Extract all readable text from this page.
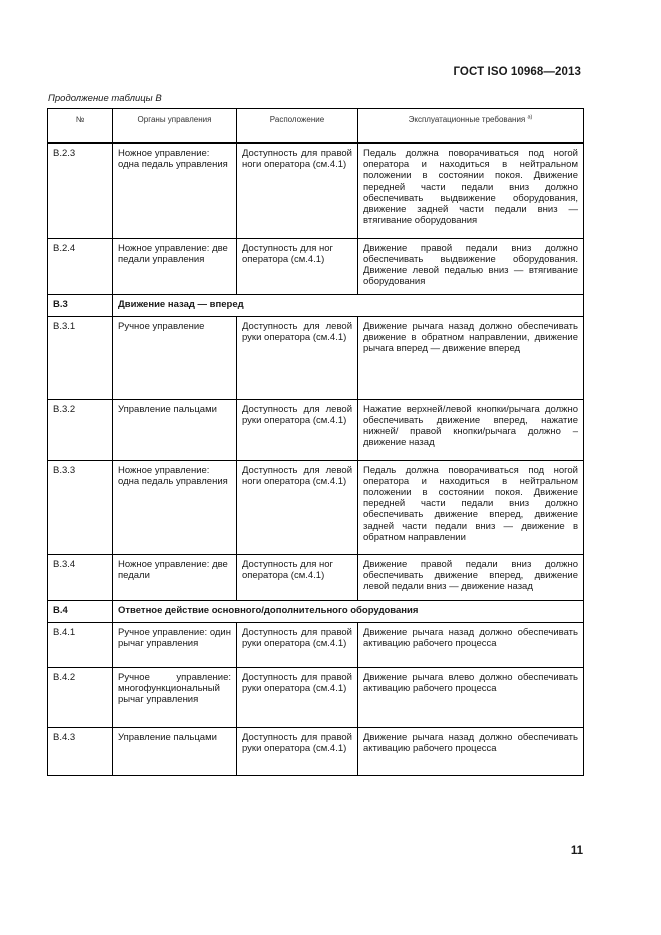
ГОСТ ISO 10968—2013
Продолжение таблицы B
№	Органы управления	Расположение	Эксплуатационные требования $^{a)}$
B.2.3	Ножное управление: одна педаль управления	Доступность для правой ноги оператора (см.4.1)	Педаль должна поворачиваться под ногой оператора и находиться в нейтральном положении в состоянии покоя. Движение передней части педали вниз должно обеспечивать выдвижение оборудования, движение задней части педали вниз — втягивание оборудования
B.2.4	Ножное управление: две педали управления	Доступность для ног оператора (см.4.1)	Движение правой педали вниз должно обеспечивать выдвижение оборудования. Движение левой педалью вниз — втягивание оборудования
B.3	Движение назад — вперед		
B.3.1	Ручное управление	Доступность для левой руки оператора (см.4.1)	Движение рычага назад должно обеспечивать движение в обратном направлении, движение рычага вперед — движение вперед
B.3.2	Управление пальцами	Доступность для левой руки оператора (см.4.1)	Нажатие верхней/левой кнопки/рычага должно обеспечивать движение вперед, нажатие нижней/ правой кнопки/рычага должно – движение назад
B.3.3	Ножное управление: одна педаль управления	Доступность для левой ноги оператора (см.4.1)	Педаль должна поворачиваться под ногой оператора и находиться в нейтральном положении в состоянии покоя. Движение передней части педали вниз должно обеспечивать движение вперед, движение задней части педали вниз — движение в обратном направлении
B.3.4	Ножное управление: две педали	Доступность для ног оператора (см.4.1)	Движение правой педали вниз должно обеспечивать движение вперед, движение левой педали вниз — движение назад
B.4	Ответное действие основного/дополнительного оборудования		
B.4.1	Ручное управление: один рычаг управления	Доступность для правой руки оператора (см.4.1)	Движение рычага назад должно обеспечивать активацию рабочего процесса
B.4.2	Ручное управление: многофункциональный рычаг управления	Доступность для правой руки оператора (см.4.1)	Движение рычага влево должно обеспечивать активацию рабочего процесса
B.4.3	Управление пальцами	Доступность для правой руки оператора (см.4.1)	Движение рычага назад должно обеспечивать активацию рабочего процесса
11
